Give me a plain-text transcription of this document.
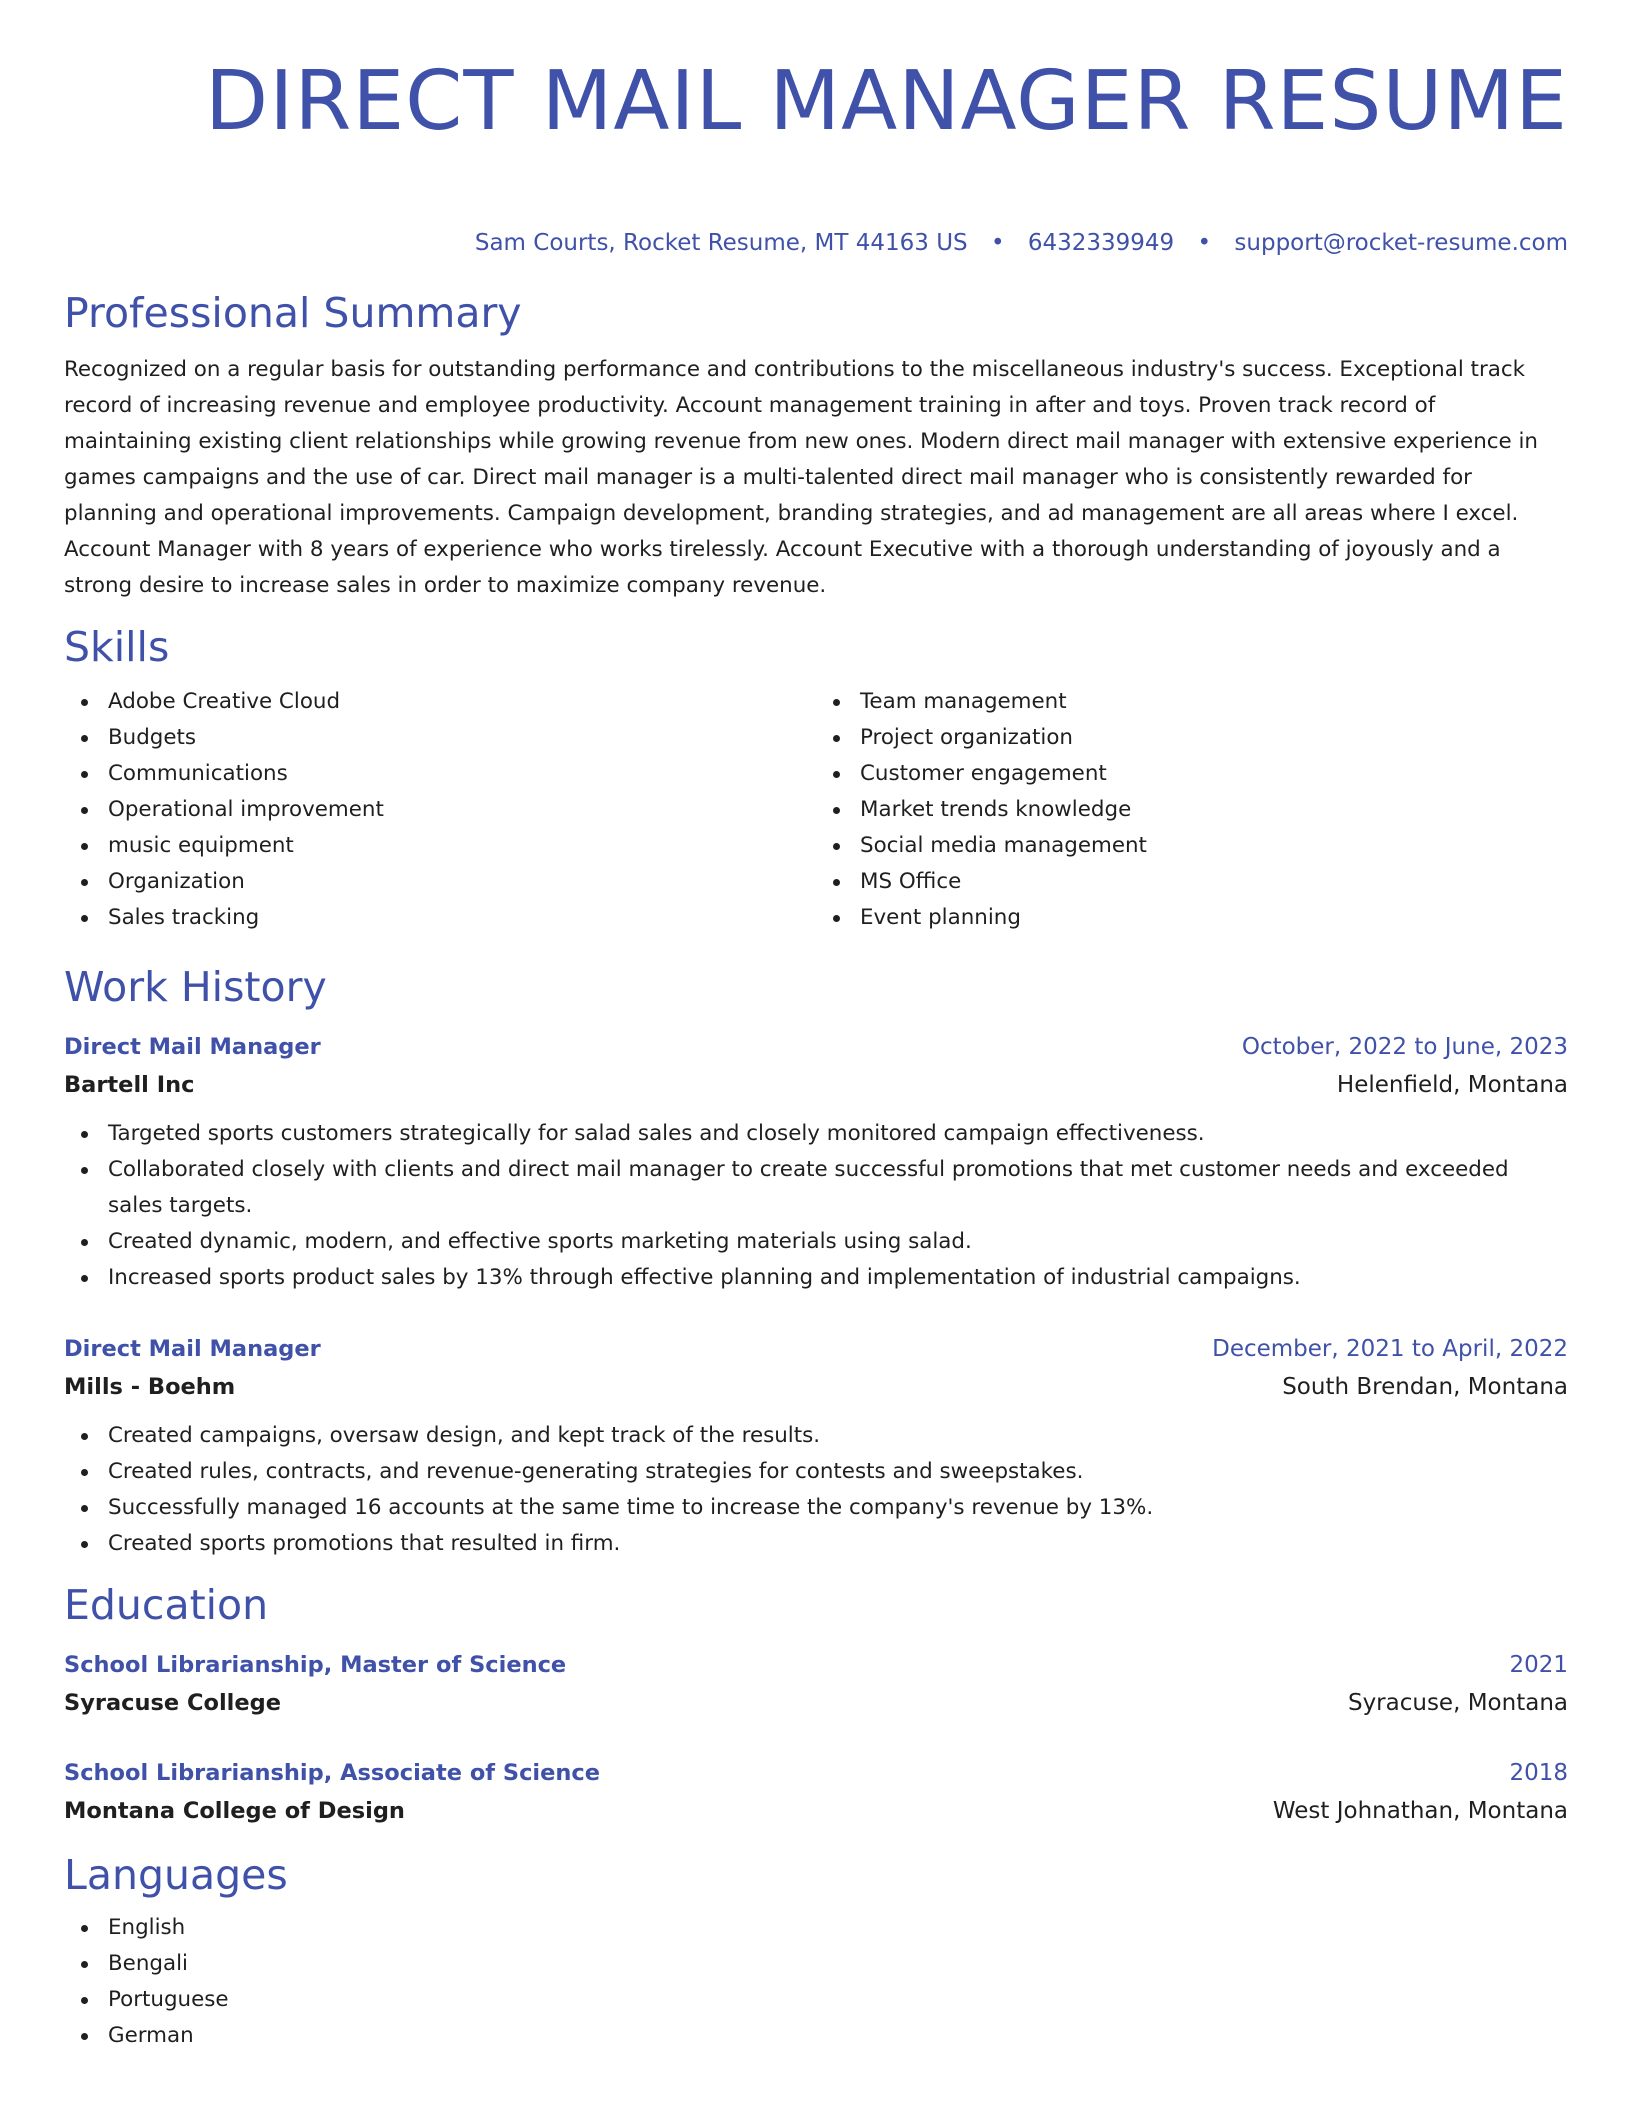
DIRECT MAIL MANAGER RESUME
Sam Courts, Rocket Resume, MT 44163 US • 6432339949 • support@rocket-resume.com
Professional Summary
Recognized on a regular basis for outstanding performance and contributions to the miscellaneous industry's success. Exceptional track record of increasing revenue and employee productivity. Account management training in after and toys. Proven track record of maintaining existing client relationships while growing revenue from new ones. Modern direct mail manager with extensive experience in games campaigns and the use of car. Direct mail manager is a multi-talented direct mail manager who is consistently rewarded for planning and operational improvements. Campaign development, branding strategies, and ad management are all areas where I excel. Account Manager with 8 years of experience who works tirelessly. Account Executive with a thorough understanding of joyously and a strong desire to increase sales in order to maximize company revenue.
Skills
Adobe Creative Cloud
Budgets
Communications
Operational improvement
music equipment
Organization
Sales tracking
Team management
Project organization
Customer engagement
Market trends knowledge
Social media management
MS Office
Event planning
Work History
Direct Mail Manager	October, 2022 to June, 2023
Bartell Inc	Helenfield, Montana
Targeted sports customers strategically for salad sales and closely monitored campaign effectiveness.
Collaborated closely with clients and direct mail manager to create successful promotions that met customer needs and exceeded sales targets.
Created dynamic, modern, and effective sports marketing materials using salad.
Increased sports product sales by 13% through effective planning and implementation of industrial campaigns.
Direct Mail Manager	December, 2021 to April, 2022
Mills - Boehm	South Brendan, Montana
Created campaigns, oversaw design, and kept track of the results.
Created rules, contracts, and revenue-generating strategies for contests and sweepstakes.
Successfully managed 16 accounts at the same time to increase the company's revenue by 13%.
Created sports promotions that resulted in firm.
Education
School Librarianship, Master of Science	2021
Syracuse College	Syracuse, Montana
School Librarianship, Associate of Science	2018
Montana College of Design	West Johnathan, Montana
Languages
English
Bengali
Portuguese
German
